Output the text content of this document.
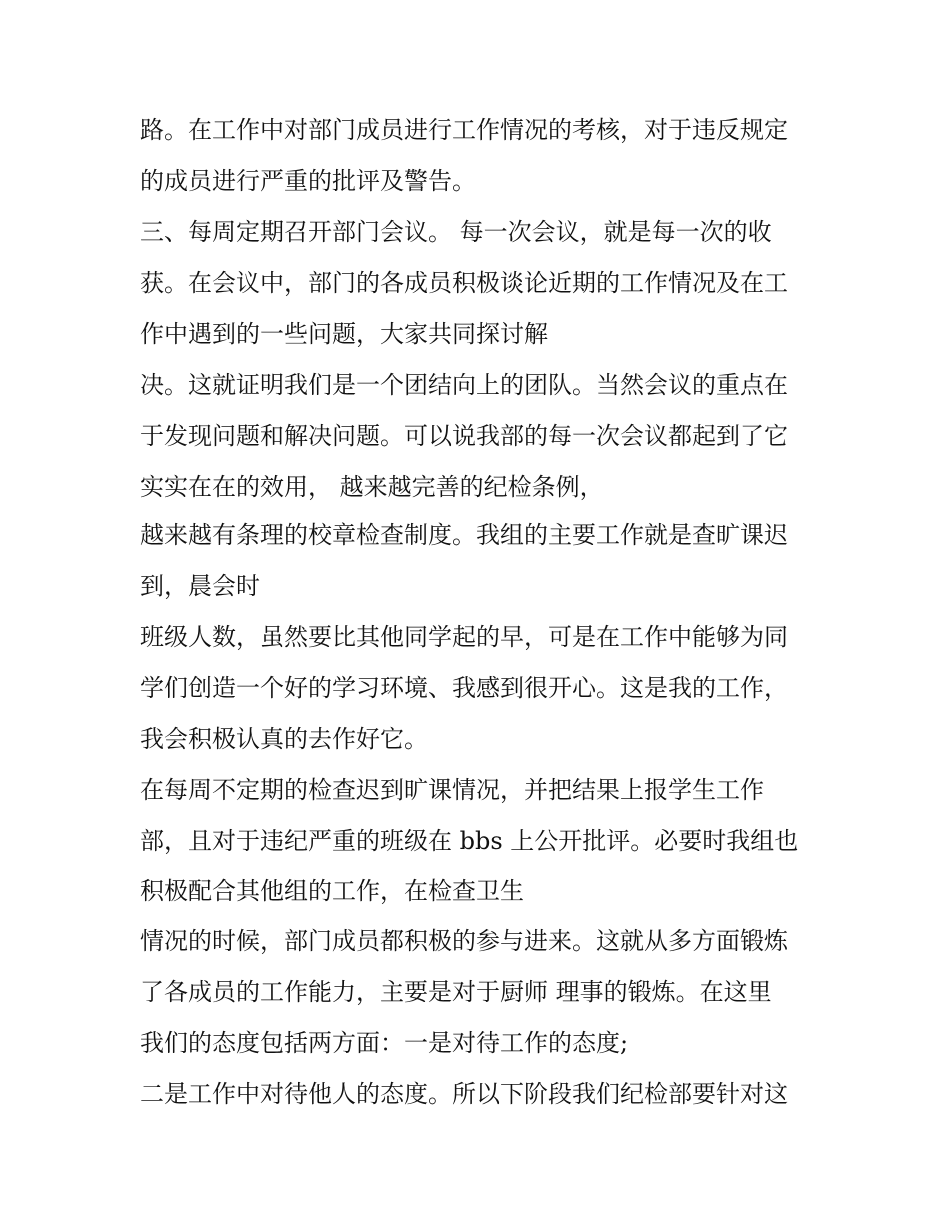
路。在工作中对部门成员进行工作情况的考核，对于违反规定
的成员进行严重的批评及警告。
三、每周定期召开部门会议。 每一次会议，就是每一次的收
获。在会议中，部门的各成员积极谈论近期的工作情况及在工
作中遇到的一些问题，大家共同探讨解
决。这就证明我们是一个团结向上的团队。当然会议的重点在
于发现问题和解决问题。可以说我部的每一次会议都起到了它
实实在在的效用， 越来越完善的纪检条例，
越来越有条理的校章检查制度。我组的主要工作就是查旷课迟
到，晨会时
班级人数，虽然要比其他同学起的早，可是在工作中能够为同
学们创造一个好的学习环境、我感到很开心。这是我的工作，
我会积极认真的去作好它。
在每周不定期的检查迟到旷课情况，并把结果上报学生工作
部，且对于违纪严重的班级在 bbs 上公开批评。必要时我组也
积极配合其他组的工作，在检查卫生
情况的时候，部门成员都积极的参与进来。这就从多方面锻炼
了各成员的工作能力，主要是对于厨师 理事的锻炼。在这里
我们的态度包括两方面：一是对待工作的态度;
二是工作中对待他人的态度。所以下阶段我们纪检部要针对这
